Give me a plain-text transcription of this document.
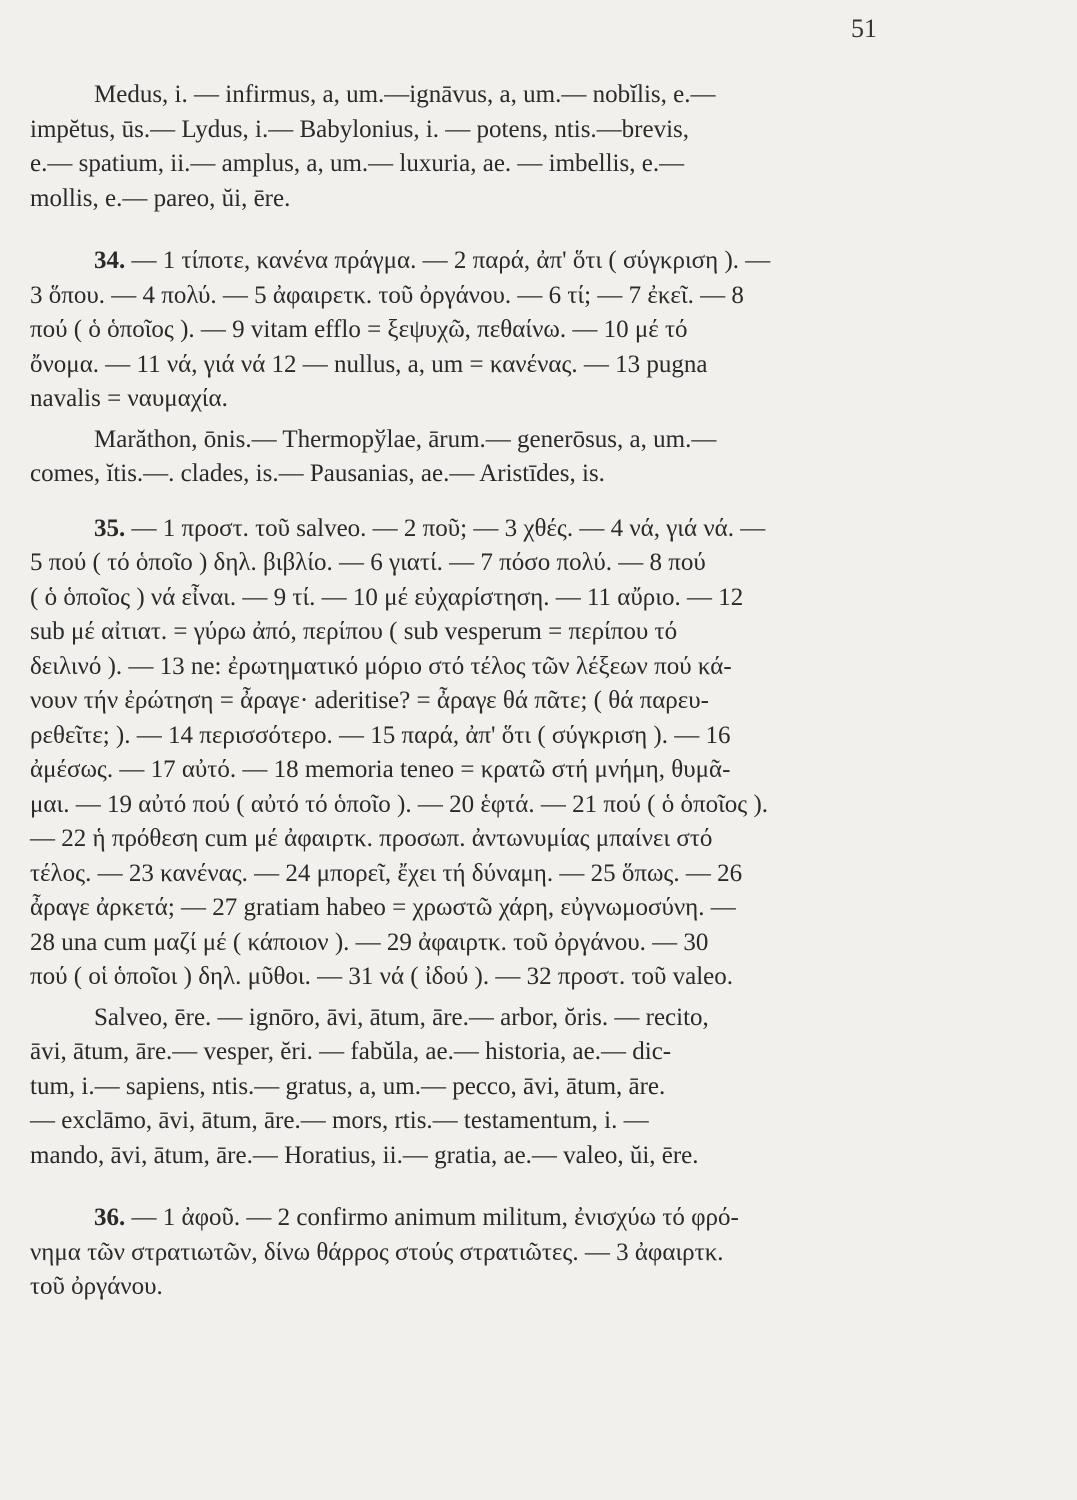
51

Medus, i. — infirmus, a, um.—ignāvus, a, um.— nobĭlis, e.—
impĕtus, ūs.— Lydus, i.— Babylonius, i. — potens, ntis.—brevis,
e.— spatium, ii.— amplus, a, um.— luxuria, ae. — imbellis, e.—
mollis, e.— pareo, ŭi, ēre.

34. — 1 τίποτε, κανένα πράγμα. — 2 παρά, ἀπ' ὅτι ( σύγκριση ). —
3 ὅπου. — 4 πολύ. — 5 ἀφαιρετκ. τοῦ ὀργάνου. — 6 τί; — 7 ἐκεῖ. — 8
πού ( ὁ ὁποῖος ). — 9 vitam efflo = ξεψυχῶ, πεθαίνω. — 10 μέ τό
ὄνομα. — 11 νά, γιά νά 12 — nullus, a, um = κανένας. — 13 pugna
navalis = ναυμαχία.

Marăthon, ōnis.— Thermopўlae, ārum.— generōsus, a, um.—
comes, ĭtis.—. clades, is.— Pausanias, ae.— Aristīdes, is.

35. — 1 προστ. τοῦ salveo. — 2 ποῦ; — 3 χθές. — 4 νά, γιά νά. —
5 πού ( τό ὁποῖο ) δηλ. βιβλίο. — 6 γιατί. — 7 πόσο πολύ. — 8 πού
( ὁ ὁποῖος ) νά εἶναι. — 9 τί. — 10 μέ εὐχαρίστηση. — 11 αὔριο. — 12
sub μέ αἰτιατ. = γύρω ἀπό, περίπου ( sub vesperum = περίπου τό
δειλινό ). — 13 ne: ἐρωτηματικό μόριο στό τέλος τῶν λέξεων πού κά-
νουν τήν ἐρώτηση = ἆραγε· aderitise? = ἆραγε θά πᾶτε; ( θά παρευ-
ρεθεῖτε; ). — 14 περισσότερο. — 15 παρά, ἀπ' ὅτι ( σύγκριση ). — 16
ἀμέσως. — 17 αὐτό. — 18 memoria teneo = κρατῶ στή μνήμη, θυμᾶ-
μαι. — 19 αὐτό πού ( αὐτό τό ὁποῖο ). — 20 ἑφτά. — 21 πού ( ὁ ὁποῖος ).
— 22 ἡ πρόθεση cum μέ ἀφαιρτκ. προσωπ. ἀντωνυμίας μπαίνει στό
τέλος. — 23 κανένας. — 24 μπορεῖ, ἔχει τή δύναμη. — 25 ὅπως. — 26
ἆραγε ἀρκετά; — 27 gratiam habeo = χρωστῶ χάρη, εὐγνωμοσύνη. —
28 una cum μαζί μέ ( κάποιον ). — 29 ἀφαιρτκ. τοῦ ὀργάνου. — 30
πού ( οἱ ὁποῖοι ) δηλ. μῦθοι. — 31 νά ( ἰδού ). — 32 προστ. τοῦ valeo.

Salveo, ēre. — ignōro, āvi, ātum, āre.— arbor, ŏris. — recito,
āvi, ātum, āre.— vesper, ĕri. — fabŭla, ae.— historia, ae.— dic-
tum, i.— sapiens, ntis.— gratus, a, um.— pecco, āvi, ātum, āre.
— exclāmo, āvi, ātum, āre.— mors, rtis.— testamentum, i. —
mando, āvi, ātum, āre.— Horatius, ii.— gratia, ae.— valeo, ŭi, ēre.

36. — 1 ἀφοῦ. — 2 confirmo animum militum, ἐνισχύω τό φρό-
νημα τῶν στρατιωτῶν, δίνω θάρρος στούς στρατιῶτες. — 3 ἀφαιρτκ.
τοῦ ὀργάνου.
